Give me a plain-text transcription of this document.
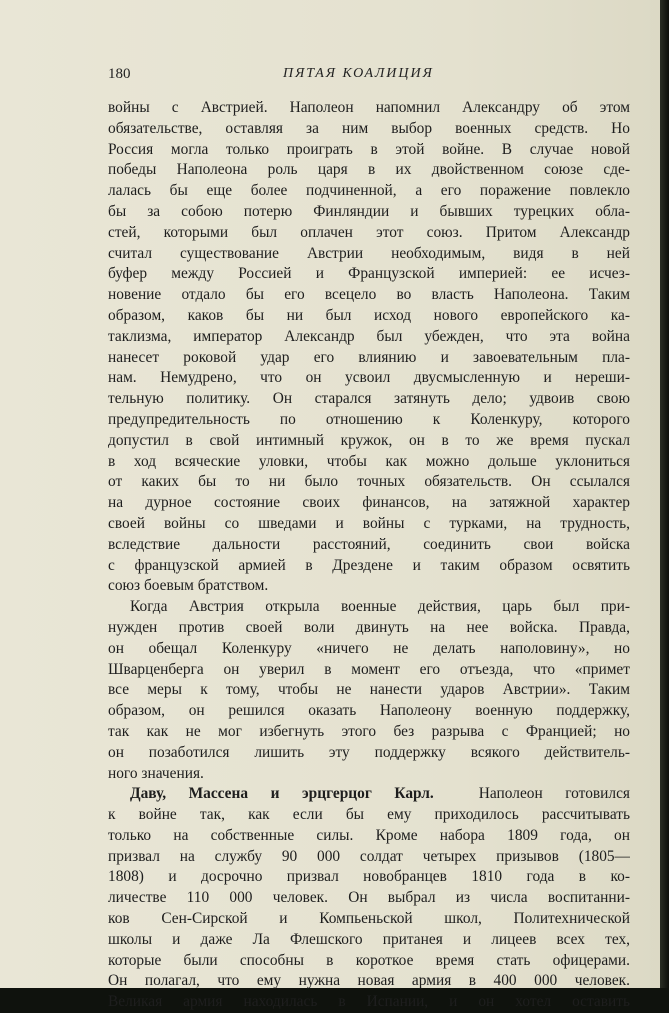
180	ПЯТАЯ КОАЛИЦИЯ
войны с Австрией. Наполеон напомнил Александру об этом
обязательстве, оставляя за ним выбор военных средств. Но
Россия могла только проиграть в этой войне. В случае новой
победы Наполеона роль царя в их двойственном союзе сде-
лалась бы еще более подчиненной, а его поражение повлекло
бы за собою потерю Финляндии и бывших турецких обла-
стей, которыми был оплачен этот союз. Притом Александр
считал существование Австрии необходимым, видя в ней
буфер между Россией и Французской империей: ее исчез-
новение отдало бы его всецело во власть Наполеона. Таким
образом, каков бы ни был исход нового европейского ка-
таклизма, император Александр был убежден, что эта война
нанесет роковой удар его влиянию и завоевательным пла-
нам. Немудрено, что он усвоил двусмысленную и нереши-
тельную политику. Он старался затянуть дело; удвоив свою
предупредительность по отношению к Коленкуру, которого
допустил в свой интимный кружок, он в то же время пускал
в ход всяческие уловки, чтобы как можно дольше уклониться
от каких бы то ни было точных обязательств. Он ссылался
на дурное состояние своих финансов, на затяжной характер
своей войны со шведами и войны с турками, на трудность,
вследствие дальности расстояний, соединить свои войска
с французской армией в Дрездене и таким образом освятить
союз боевым братством.
Когда Австрия открыла военные действия, царь был при-
нужден против своей воли двинуть на нее войска. Правда,
он обещал Коленкуру «ничего не делать наполовину», но
Шварценберга он уверил в момент его отъезда, что «примет
все меры к тому, чтобы не нанести ударов Австрии». Таким
образом, он решился оказать Наполеону военную поддержку,
так как не мог избегнуть этого без разрыва с Францией; но
он позаботился лишить эту поддержку всякого действитель-
ного значения.
Даву, Массена и эрцгерцог Карл.	Наполеон готовился
к войне так, как если бы ему приходилось рассчитывать
только на собственные силы. Кроме набора 1809 года, он
призвал на службу 90 000 солдат четырех призывов (1805—
1808) и досрочно призвал новобранцев 1810 года в ко-
личестве 110 000 человек. Он выбрал из числа воспитанни-
ков Сен-Сирской и Компьеньской школ, Политехнической
школы и даже Ла Флешского пританея и лицеев всех тех,
которые были способны в короткое время стать офицерами.
Он полагал, что ему нужна новая армия в 400 000 человек.
Великая армия находилась в Испании, и он хотел оставить
